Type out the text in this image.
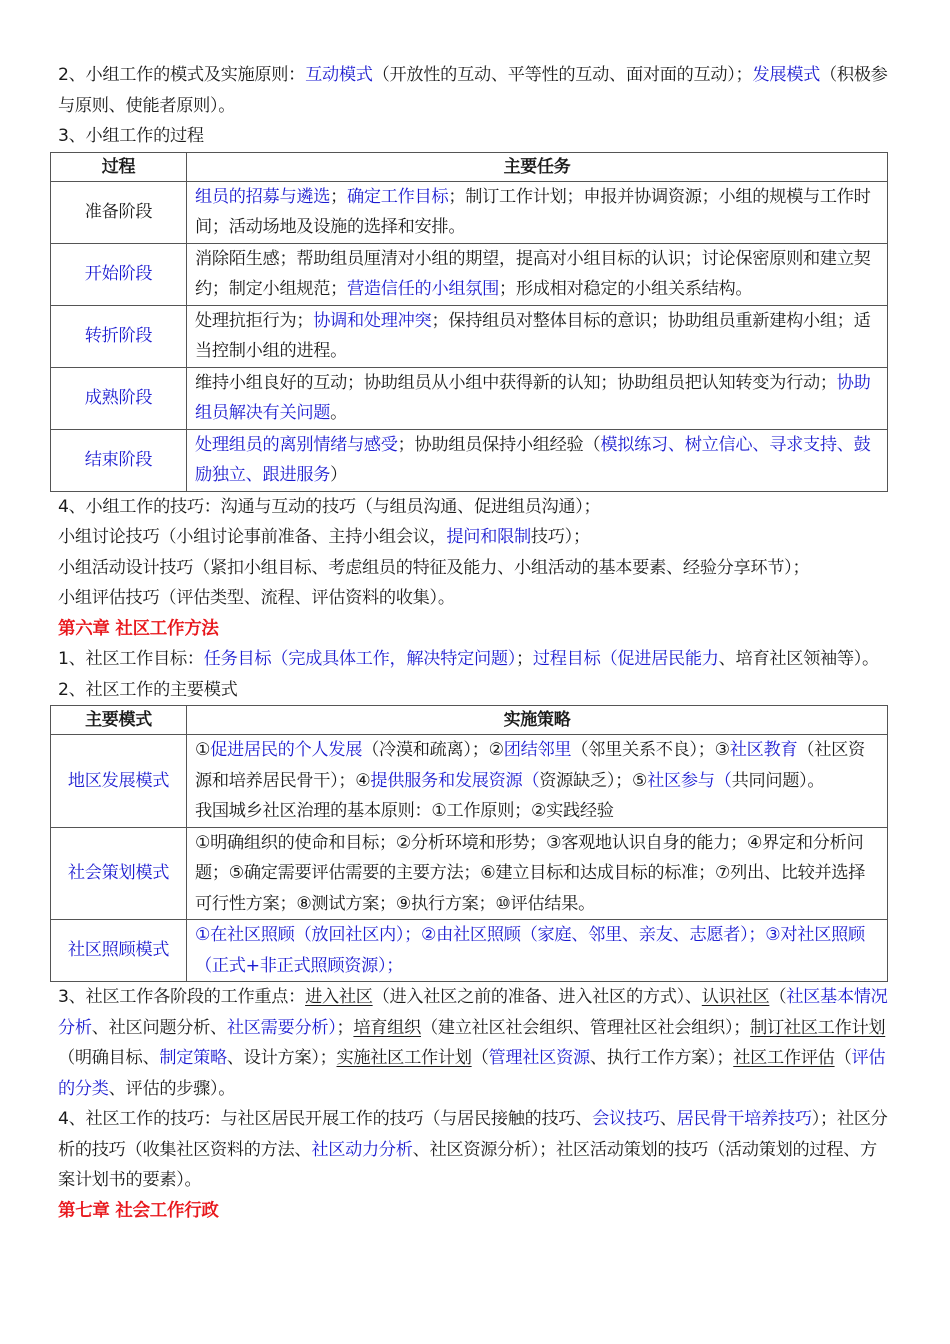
2、小组工作的模式及实施原则：互动模式（开放性的互动、平等性的互动、面对面的互动）；发展模式（积极参与原则、使能者原则）。

3、小组工作的过程

过程	主要任务
准备阶段	组员的招募与遴选；确定工作目标；制订工作计划；申报并协调资源；小组的规模与工作时间；活动场地及设施的选择和安排。
开始阶段	消除陌生感；帮助组员厘清对小组的期望，提高对小组目标的认识；讨论保密原则和建立契约；制定小组规范；营造信任的小组氛围；形成相对稳定的小组关系结构。
转折阶段	处理抗拒行为；协调和处理冲突；保持组员对整体目标的意识；协助组员重新建构小组；适当控制小组的进程。
成熟阶段	维持小组良好的互动；协助组员从小组中获得新的认知；协助组员把认知转变为行动；协助组员解决有关问题。
结束阶段	处理组员的离别情绪与感受；协助组员保持小组经验（模拟练习、树立信心、寻求支持、鼓励独立、跟进服务）

4、小组工作的技巧：沟通与互动的技巧（与组员沟通、促进组员沟通）；

小组讨论技巧（小组讨论事前准备、主持小组会议，提问和限制技巧）；

小组活动设计技巧（紧扣小组目标、考虑组员的特征及能力、小组活动的基本要素、经验分享环节）；

小组评估技巧（评估类型、流程、评估资料的收集）。

第六章 社区工作方法

1、社区工作目标：任务目标（完成具体工作，解决特定问题）；过程目标（促进居民能力、培育社区领袖等）。

2、社区工作的主要模式

主要模式	实施策略
地区发展模式	①促进居民的个人发展（冷漠和疏离）；②团结邻里（邻里关系不良）；③社区教育（社区资源和培养居民骨干）；④提供服务和发展资源（资源缺乏）；⑤社区参与（共同问题）。
我国城乡社区治理的基本原则：①工作原则；②实践经验

社会策划模式	①明确组织的使命和目标；②分析环境和形势；③客观地认识自身的能力；④界定和分析问题；⑤确定需要评估需要的主要方法；⑥建立目标和达成目标的标准；⑦列出、比较并选择可行性方案；⑧测试方案；⑨执行方案；⑩评估结果。

社区照顾模式	①在社区照顾（放回社区内）；②由社区照顾（家庭、邻里、亲友、志愿者）；③对社区照顾（正式+非正式照顾资源）；

3、社区工作各阶段的工作重点：进入社区（进入社区之前的准备、进入社区的方式）、认识社区（社区基本情况分析、社区问题分析、社区需要分析）；培育组织（建立社区社会组织、管理社区社会组织）；制订社区工作计划（明确目标、制定策略、设计方案）；实施社区工作计划（管理社区资源、执行工作方案）；社区工作评估（评估的分类、评估的步骤）。

4、社区工作的技巧：与社区居民开展工作的技巧（与居民接触的技巧、会议技巧、居民骨干培养技巧）；社区分析的技巧（收集社区资料的方法、社区动力分析、社区资源分析）；社区活动策划的技巧（活动策划的过程、方案计划书的要素）。

第七章 社会工作行政
